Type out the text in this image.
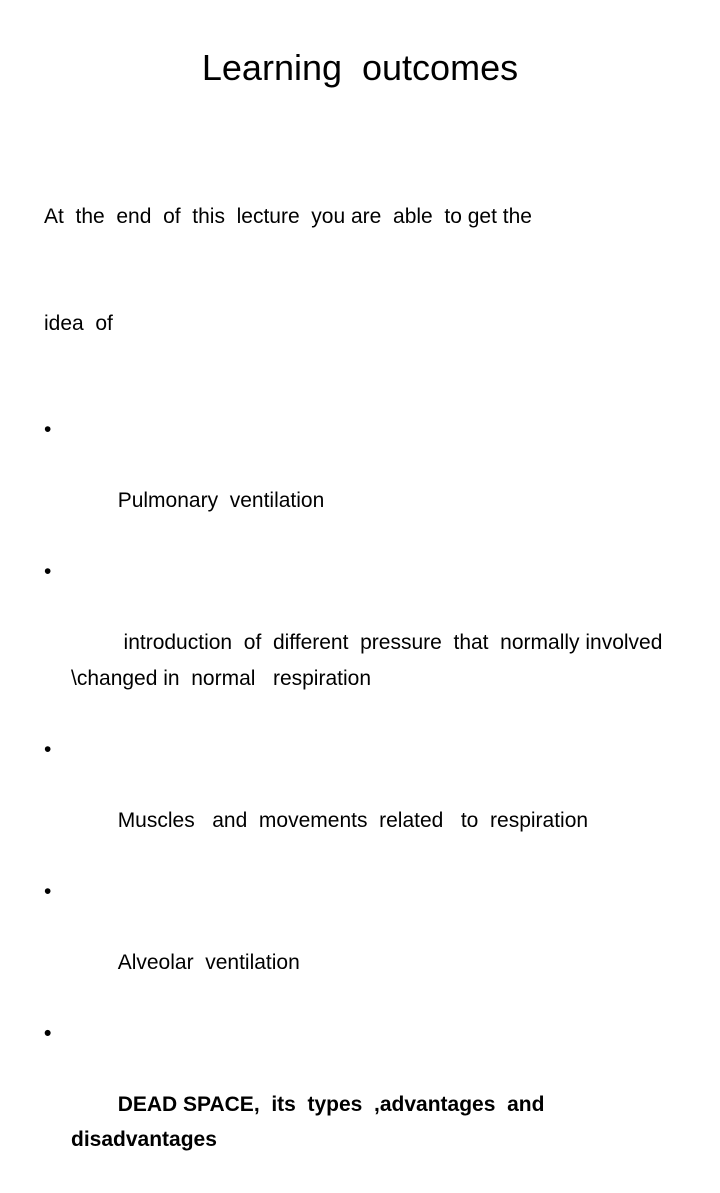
Learning  outcomes

At  the  end  of  this  lecture  you are  able  to get the

idea  of

•

Pulmonary  ventilation

•

introduction  of  different  pressure  that  normally involved \changed in  normal   respiration

•

Muscles   and  movements  related   to  respiration

•

Alveolar  ventilation

•

DEAD SPACE,  its  types  ,advantages  and disadvantages
